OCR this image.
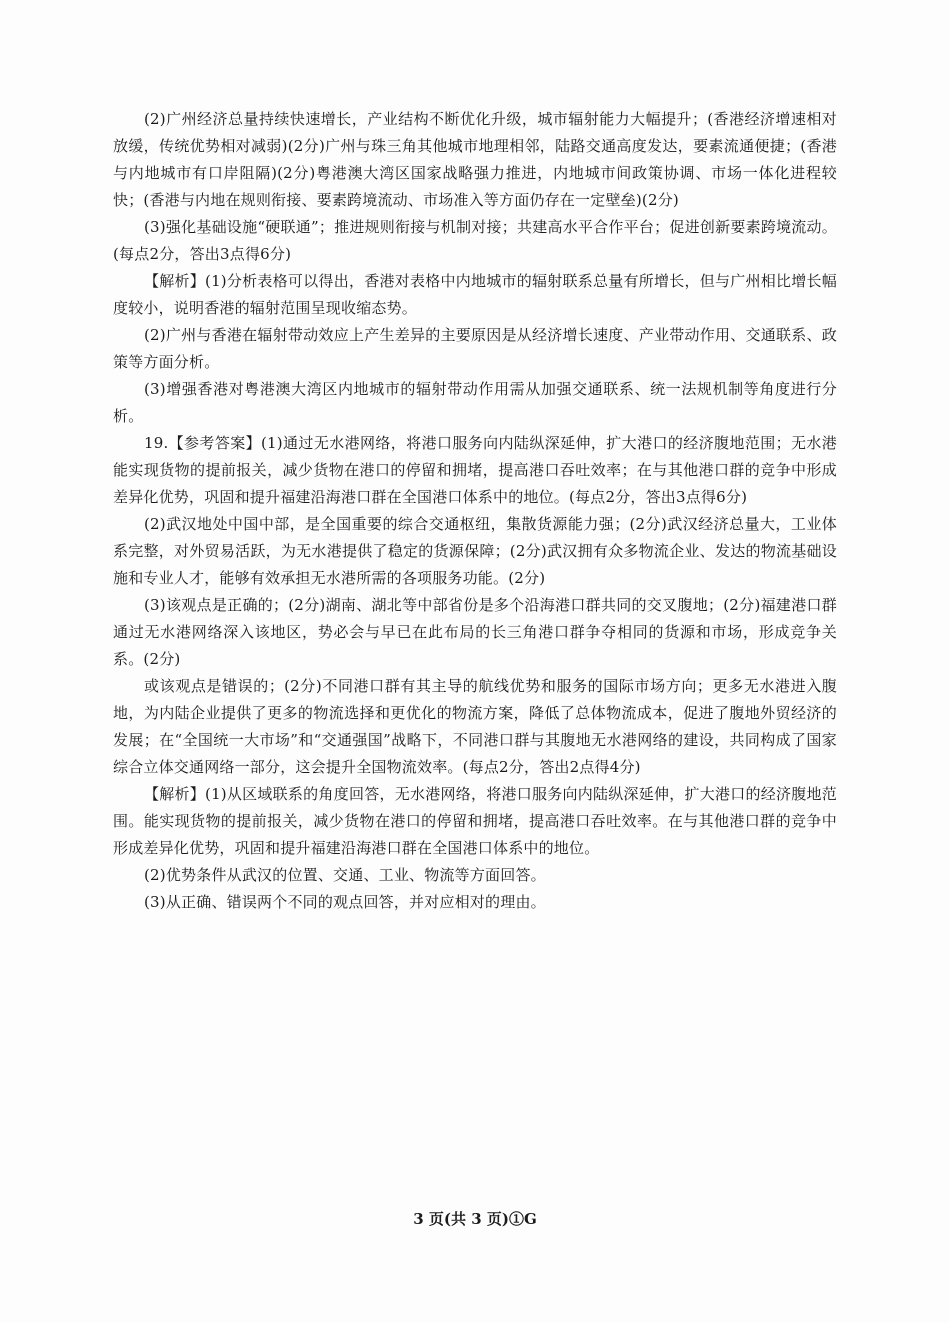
(2)广州经济总量持续快速增长，产业结构不断优化升级，城市辐射能力大幅提升；(香港经济增速相对放缓，传统优势相对减弱)(2分)广州与珠三角其他城市地理相邻，陆路交通高度发达，要素流通便捷；(香港与内地城市有口岸阻隔)(2分)粤港澳大湾区国家战略强力推进，内地城市间政策协调、市场一体化进程较快；(香港与内地在规则衔接、要素跨境流动、市场准入等方面仍存在一定壁垒)(2分)

(3)强化基础设施“硬联通”；推进规则衔接与机制对接；共建高水平合作平台；促进创新要素跨境流动。(每点2分，答出3点得6分)

【解析】(1)分析表格可以得出，香港对表格中内地城市的辐射联系总量有所增长，但与广州相比增长幅度较小，说明香港的辐射范围呈现收缩态势。

(2)广州与香港在辐射带动效应上产生差异的主要原因是从经济增长速度、产业带动作用、交通联系、政策等方面分析。

(3)增强香港对粤港澳大湾区内地城市的辐射带动作用需从加强交通联系、统一法规机制等角度进行分析。

19.【参考答案】(1)通过无水港网络，将港口服务向内陆纵深延伸，扩大港口的经济腹地范围；无水港能实现货物的提前报关，减少货物在港口的停留和拥堵，提高港口吞吐效率；在与其他港口群的竞争中形成差异化优势，巩固和提升福建沿海港口群在全国港口体系中的地位。(每点2分，答出3点得6分)

(2)武汉地处中国中部，是全国重要的综合交通枢纽，集散货源能力强；(2分)武汉经济总量大，工业体系完整，对外贸易活跃，为无水港提供了稳定的货源保障；(2分)武汉拥有众多物流企业、发达的物流基础设施和专业人才，能够有效承担无水港所需的各项服务功能。(2分)

(3)该观点是正确的；(2分)湖南、湖北等中部省份是多个沿海港口群共同的交叉腹地；(2分)福建港口群通过无水港网络深入该地区，势必会与早已在此布局的长三角港口群争夺相同的货源和市场，形成竞争关系。(2分)

或该观点是错误的；(2分)不同港口群有其主导的航线优势和服务的国际市场方向；更多无水港进入腹地，为内陆企业提供了更多的物流选择和更优化的物流方案，降低了总体物流成本，促进了腹地外贸经济的发展；在“全国统一大市场”和“交通强国”战略下，不同港口群与其腹地无水港网络的建设，共同构成了国家综合立体交通网络一部分，这会提升全国物流效率。(每点2分，答出2点得4分)

【解析】(1)从区域联系的角度回答，无水港网络，将港口服务向内陆纵深延伸，扩大港口的经济腹地范围。能实现货物的提前报关，减少货物在港口的停留和拥堵，提高港口吞吐效率。在与其他港口群的竞争中形成差异化优势，巩固和提升福建沿海港口群在全国港口体系中的地位。

(2)优势条件从武汉的位置、交通、工业、物流等方面回答。

(3)从正确、错误两个不同的观点回答，并对应相对的理由。

3 页(共 3 页)①G
